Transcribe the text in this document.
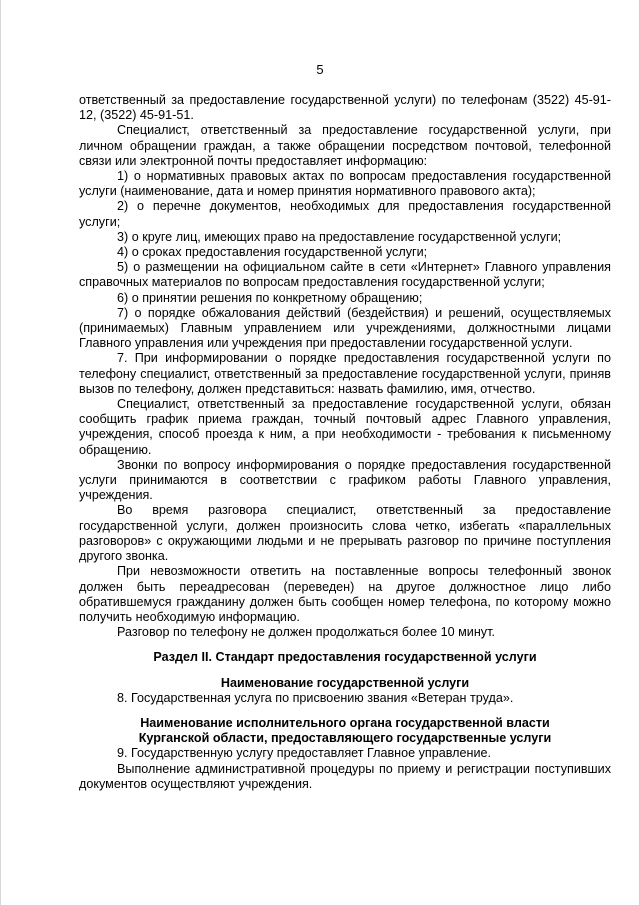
5

ответственный за предоставление государственной услуги) по телефонам (3522) 45-91-12, (3522) 45-91-51.

Специалист, ответственный за предоставление государственной услуги, при личном обращении граждан, а также обращении посредством почтовой, телефонной связи или электронной почты предоставляет информацию:

1) о нормативных правовых актах по вопросам предоставления государственной услуги (наименование, дата и номер принятия нормативного правового акта);

2) о перечне документов, необходимых для предоставления государственной услуги;

3) о круге лиц, имеющих право на предоставление государственной услуги;

4) о сроках предоставления государственной услуги;

5) о размещении на официальном сайте в сети «Интернет» Главного управления справочных материалов по вопросам предоставления государственной услуги;

6) о принятии решения по конкретному обращению;

7) о порядке обжалования действий (бездействия) и решений, осуществляемых (принимаемых) Главным управлением или учреждениями, должностными лицами Главного управления или учреждения при предоставлении государственной услуги.

7. При информировании о порядке предоставления государственной услуги по телефону специалист, ответственный за предоставление государственной услуги, приняв вызов по телефону, должен представиться: назвать фамилию, имя, отчество.

Специалист, ответственный за предоставление государственной услуги, обязан сообщить график приема граждан, точный почтовый адрес Главного управления, учреждения, способ проезда к ним, а при необходимости - требования к письменному обращению.

Звонки по вопросу информирования о порядке предоставления государственной услуги принимаются в соответствии с графиком работы Главного управления, учреждения.

Во время разговора специалист, ответственный за предоставление государственной услуги, должен произносить слова четко, избегать «параллельных разговоров» с окружающими людьми и не прерывать разговор по причине поступления другого звонка.

При невозможности ответить на поставленные вопросы телефонный звонок должен быть переадресован (переведен) на другое должностное лицо либо обратившемуся гражданину должен быть сообщен номер телефона, по которому можно получить необходимую информацию.

Разговор по телефону не должен продолжаться более 10 минут.

Раздел II. Стандарт предоставления государственной услуги
Наименование государственной услуги

8. Государственная услуга по присвоению звания «Ветеран труда».

Наименование исполнительного органа государственной власти
Курганской области, предоставляющего государственные услуги

9. Государственную услугу предоставляет Главное управление.

Выполнение административной процедуры по приему и регистрации поступивших документов осуществляют учреждения.
